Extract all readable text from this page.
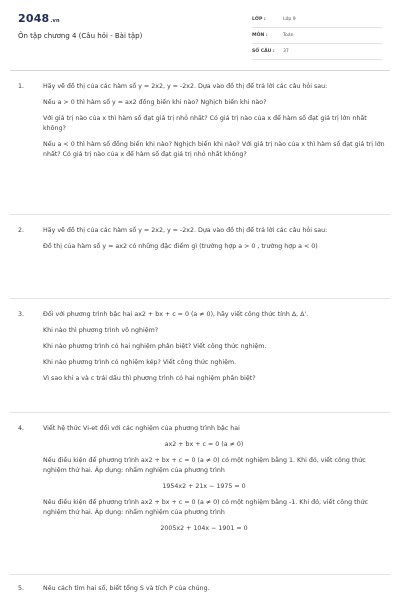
2048.vn
Ôn tập chương 4 (Câu hỏi - Bài tập)
LỚP :	Lớp 9
MÔN :	Toán
SỐ CÂU : 37
1.	Hãy vẽ đồ thị của các hàm số y = 2x2, y = -2x2. Dựa vào đồ thị để trả lời các câu hỏi sau:

Nếu a > 0 thì hàm số y = ax2 đồng biến khi nào? Nghịch biến khi nào?

Với giá trị nào của x thì hàm số đạt giá trị nhỏ nhất? Có giá trị nào của x để hàm số đạt giá trị lớn nhất không?

Nếu a < 0 thì hàm số đồng biến khi nào? Nghịch biến khi nào? Với giá trị nào của x thì hàm số đạt giá trị lớn nhất? Có giá trị nào của x để hàm số đạt giá trị nhỏ nhất không?

2.	Hãy vẽ đồ thị của các hàm số y = 2x2, y = -2x2. Dựa vào đồ thị để trả lời các câu hỏi sau:

Đồ thị của hàm số y = ax2 có những đặc điểm gì (trường hợp a > 0 , trường hợp a < 0)

3.	Đối với phương trình bậc hai ax2 + bx + c = 0 (a ≠ 0), hãy viết công thức tính Δ, Δ'.

Khi nào thì phương trình vô nghiệm?

Khi nào phương trình có hai nghiệm phân biệt? Viết công thức nghiệm.

Khi nào phương trình có nghiệm kép? Viết công thức nghiệm.

Vì sao khi a và c trái dấu thì phương trình có hai nghiệm phân biệt?

4.	Viết hệ thức Vi-et đối với các nghiệm của phương trình bậc hai

ax2 + bx + c = 0 (a ≠ 0)

Nếu điều kiện để phương trình ax2 + bx + c = 0 (a ≠ 0) có một nghiệm bằng 1. Khi đó, viết công thức nghiệm thứ hai. Áp dụng: nhẩm nghiệm của phương trình

1954x2 + 21x − 1975 = 0

Nêu điều kiện để phương trình ax2 + bx + c = 0 (a ≠ 0) có một nghiệm bằng -1. Khi đó, viết công thức nghiệm thứ hai. Áp dụng: nhẩm nghiệm của phương trình

2005x2 + 104x − 1901 = 0

5.	Nêu cách tìm hai số, biết tổng S và tích P của chúng.
